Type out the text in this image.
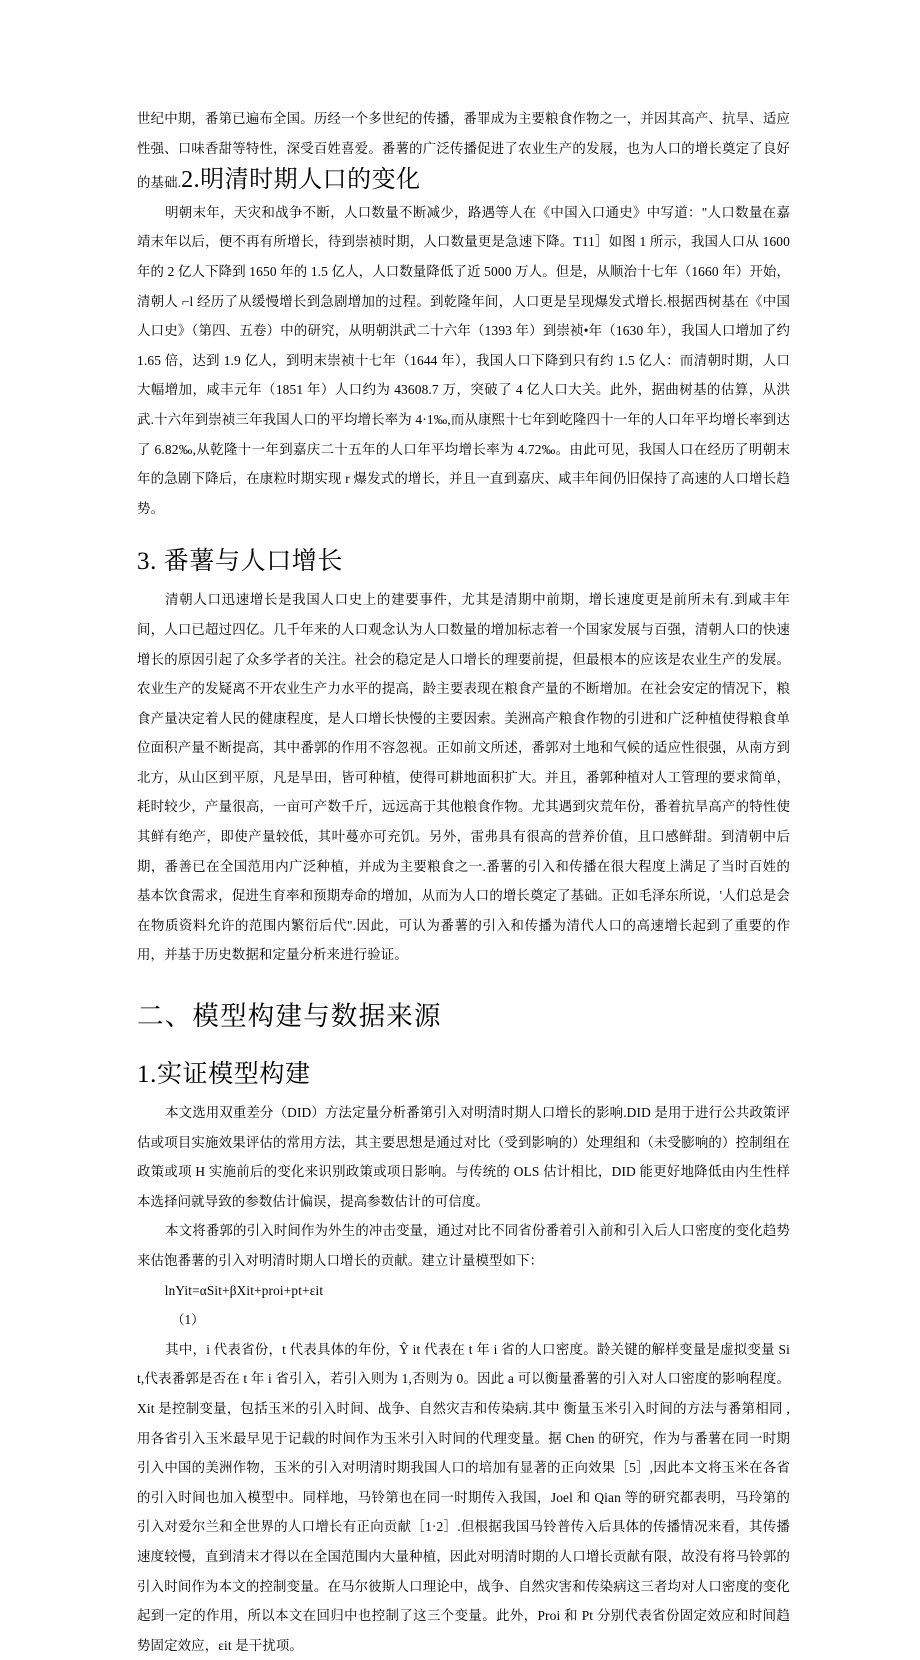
世纪中期，番第已遍布全国。历经一个多世纪的传播，番罪成为主要粮食作物之一，并因其高产、抗旱、适应性强、口味香甜等特性，深受百姓喜爱。番薯的广泛传播促进了农业生产的发屐，也为人口的增长奠定了良好的基础.2.明清时期人口的变化

明朝末年，天灾和战争不断，人口数量不断减少，路遇等人在《中国入口通史》中写道："人口数量在嘉靖末年以后，便不再有所增长，待到崇祯时期，人口数量更是急速下降。T11］如图 1 所示，我国人口从 1600 年的 2 亿人下降到 1650 年的 1.5 亿人，人口数量降低了近 5000 万人。但是，从顺治十七年（1660 年）开始，清朝人 ⌐l 经历了从缓慢增长到急剧增加的过程。到乾隆年间，人口更是呈现爆发式增长.根据西树基在《中国人口史》（第四、五卷）中的研究，从明朝洪武二十六年（1393 年）到崇祯•年（1630 年），我国人口增加了约 1.65 倍，达到 1.9 亿人，到明末崇祯十七年（1644 年），我国人口下降到只有约 1.5 亿人：而清朝时期，人口大幅增加，咸丰元年（1851 年）人口约为 43608.7 万，突破了 4 亿人口大关。此外，据曲树基的估算，从洪武.十六年到崇祯三年我国人口的平均增长率为 4·1‰,而从康熙十七年到屹隆四十一年的人口年平均增长率到达了 6.82‰,从乾隆十一年到嘉庆二十五年的人口年平均增长率为 4.72‰。由此可见，我国人口在经历了明朝末年的急剧下降后，在康粒时期实现 r 爆发式的增长，并且一直到嘉庆、咸丰年间仍旧保持了高速的人口增长趋势。

3. 番薯与人口增长

清朝人口迅速增长是我国人口史上的建要事件，尤其是清期中前期，增长速度更是前所未有.到咸丰年间，人口已超过四亿。几千年来的人口观念认为人口数量的增加标志着一个国家发展与百强，清朝人口的快速增长的原因引起了众多学者的关注。社会的稳定是人口增长的理要前提，但最根本的应该是农业生产的发展。农业生产的发疑离不开农业生产力水平的提高，龄主要表现在粮食产量的不断增加。在社会安定的情况下，粮食产量决定着人民的健康程度，是人口增长快慢的主要因索。美洲高产粮食作物的引进和广泛种植使得粮食单位面积产量不断提高，其中番郭的作用不容忽视。正如前文所述，番郭对土地和气候的适应性很强，从南方到北方，从山区到平原，凡是旱田，皆可种植，使得可耕地面积扩大。并且，番郭种植对人工管理的要求简单，耗时较少，产量很高，一亩可产数千斤，远远高于其他粮食作物。尤其遇到灾荒年份，番着抗旱高产的特性使其鲜有绝产，即使产量较低，其叶蔓亦可充饥。另外，雷弗具有很高的营养价值，且口感鲜甜。到清朝中后期，番善已在全国范用内广泛种植，并成为主要粮食之一.番薯的引入和传播在很大程度上满足了当时百姓的基本饮食需求，促进生育率和预期寿命的增加，从而为人口的增长奠定了基础。正如毛泽东所说，'人们总是会在物质资料允许的范围内繁衍后代".因此，可认为番薯的引入和传播为清代人口的高速增长起到了重要的作用，并基于历史数据和定量分析来进行验证。

二、模型构建与数据来源
1.实证模型构建

本文选用双重差分（DID）方法定量分析番第引入对明清时期人口增长的影响.DID 是用于进行公共政策评估或项目实施效果评估的常用方法，其主要思想是通过对比（受到影响的）处理组和（未受膨响的）控制组在政策或项 H 实施前后的变化来识别政策或项日影响。与传统的 OLS 估计相比，DID 能更好地降低由内生性样本选择问就导致的参数估计偏误，提高参数估计的可信度。

本文将番郭的引入时间作为外生的冲击变量，通过对比不同省份番着引入前和引入后人口密度的变化趋势来估饱番薯的引入对明清时期人口增长的贡献。建立计量模型如下：

lnYit=αSit+βXit+proi+pt+εit

（1）

其中，i 代表省份，t 代表具体的年份，Ŷ it 代表在 t 年 i 省的人口密度。龄关键的解样变量是虚拟变量 Sit,代表番郭是否在 t 年 i 省引入，若引入则为 1,否则为 0。因此 a 可以衡量番薯的引入对人口密度的影响程度。Xit 是控制变量，包括玉米的引入时间、战争、自然灾吉和传染病.其中 衡量玉米引入时间的方法与番第相同 ,用各省引入玉米最早见于记载的时间作为玉米引入时间的代理变量。据 Chen 的研究，作为与番薯在同一时期引入中国的美洲作物，玉米的引入对明清时期我国人口的培加有显著的正向效果［5］,因此本文将玉米在各省的引入时间也加入模型中。同样地，马铃第也在同一时期传入我国，Joel 和 Qian 等的研究都表明，马玲第的引入对爱尔兰和全世界的人口增长有正向贡献［1·2］.但根据我国马铃普传入后具体的传播情况来看，其传播速度较慢，直到清末才得以在全国范围内大量种植，因此对明清时期的人口增长贡献有限，故没有将马铃郭的引入时间作为本文的控制变量。在马尔彼斯人口理论中，战争、自然灾害和传染病这三者均对人口密度的变化起到一定的作用，所以本文在回归中也控制了这三个变量。此外，Proi 和 Pt 分别代表省份固定效应和时间趋势固定效应，εit 是干扰项。
